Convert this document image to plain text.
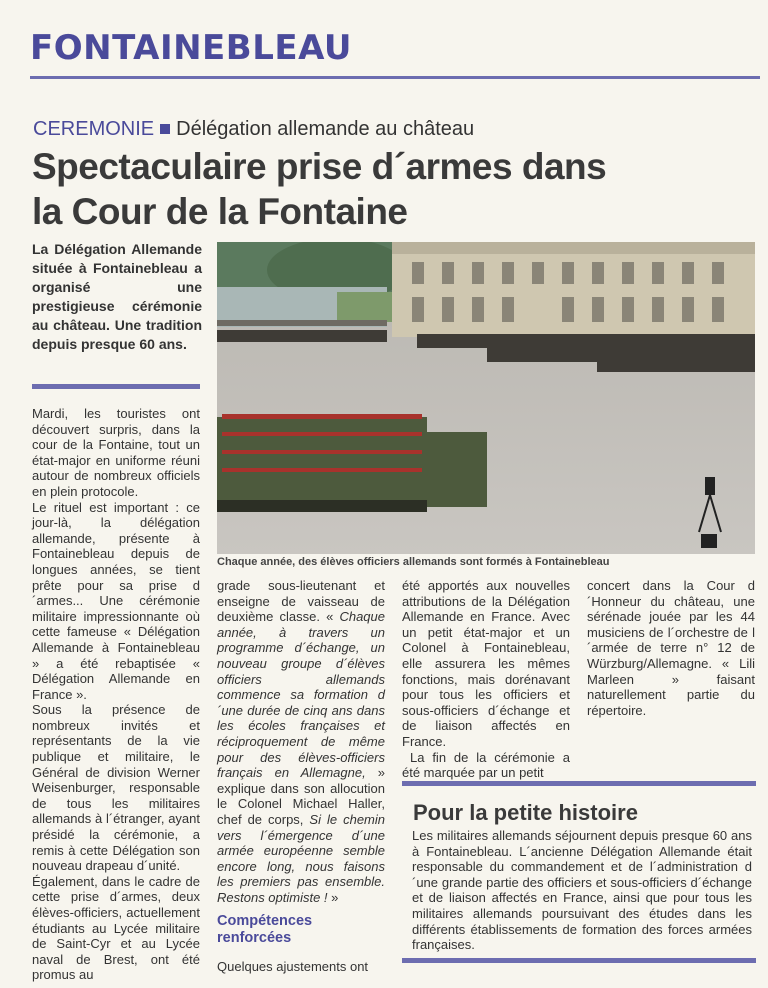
FONTAINEBLEAU
CEREMONIE Délégation allemande au château
Spectaculaire prise d´armes dans
la Cour de la Fontaine
La Délégation Allemande située à Fontainebleau a organisé une prestigieuse cérémonie au château. Une tradition depuis presque 60 ans.
Chaque année, des élèves officiers allemands sont formés à Fontainebleau

Mardi, les touristes ont découvert surpris, dans la cour de la Fontaine, tout un état-major en uniforme réuni autour de nombreux officiels en plein protocole.

Le rituel est important : ce jour-là, la délégation allemande, présente à Fontainebleau depuis de longues années, se tient prête pour sa prise d´armes... Une cérémonie militaire impressionnante où cette fameuse « Délégation Allemande à Fontainebleau » a été rebaptisée « Délégation Allemande en France ».

Sous la présence de nombreux invités et représentants de la vie publique et militaire, le Général de division Werner Weisenburger, responsable de tous les militaires allemands à l´étranger, ayant présidé la cérémonie, a remis à cette Délégation son nouveau drapeau d´unité.

Également, dans le cadre de cette prise d´armes, deux élèves-officiers, actuellement étudiants au Lycée militaire de Saint-Cyr et au Lycée naval de Brest, ont été promus au

grade sous-lieutenant et enseigne de vaisseau de deuxième classe. « Chaque année, à travers un programme d´échange, un nouveau groupe d´élèves officiers allemands commence sa formation d´une durée de cinq ans dans les écoles françaises et réciproquement de même pour des élèves-officiers français en Allemagne, » explique dans son allocution le Colonel Michael Haller, chef de corps, Si le chemin vers l´émergence d´une armée européenne semble encore long, nous faisons les premiers pas ensemble. Restons optimiste ! »

Compétences renforcées

Quelques ajustements ont

été apportés aux nouvelles attributions de la Délégation Allemande en France. Avec un petit état-major et un Colonel à Fontainebleau, elle assurera les mêmes fonctions, mais dorénavant pour tous les officiers et sous-officiers d´échange et de liaison affectés en France.

La fin de la cérémonie a été marquée par un petit

concert dans la Cour d´Honneur du château, une sérénade jouée par les 44 musiciens de l´orchestre de l´armée de terre n° 12 de Würzburg/Allemagne. « Lili Marleen » faisant naturellement partie du répertoire.

Pour la petite histoire
Les militaires allemands séjournent depuis presque 60 ans à Fontainebleau. L´ancienne Délégation Allemande était responsable du commandement et de l´administration d´une grande partie des officiers et sous-officiers d´échange et de liaison affectés en France, ainsi que pour tous les militaires allemands poursuivant des études dans les différents établissements de formation des forces armées françaises.
